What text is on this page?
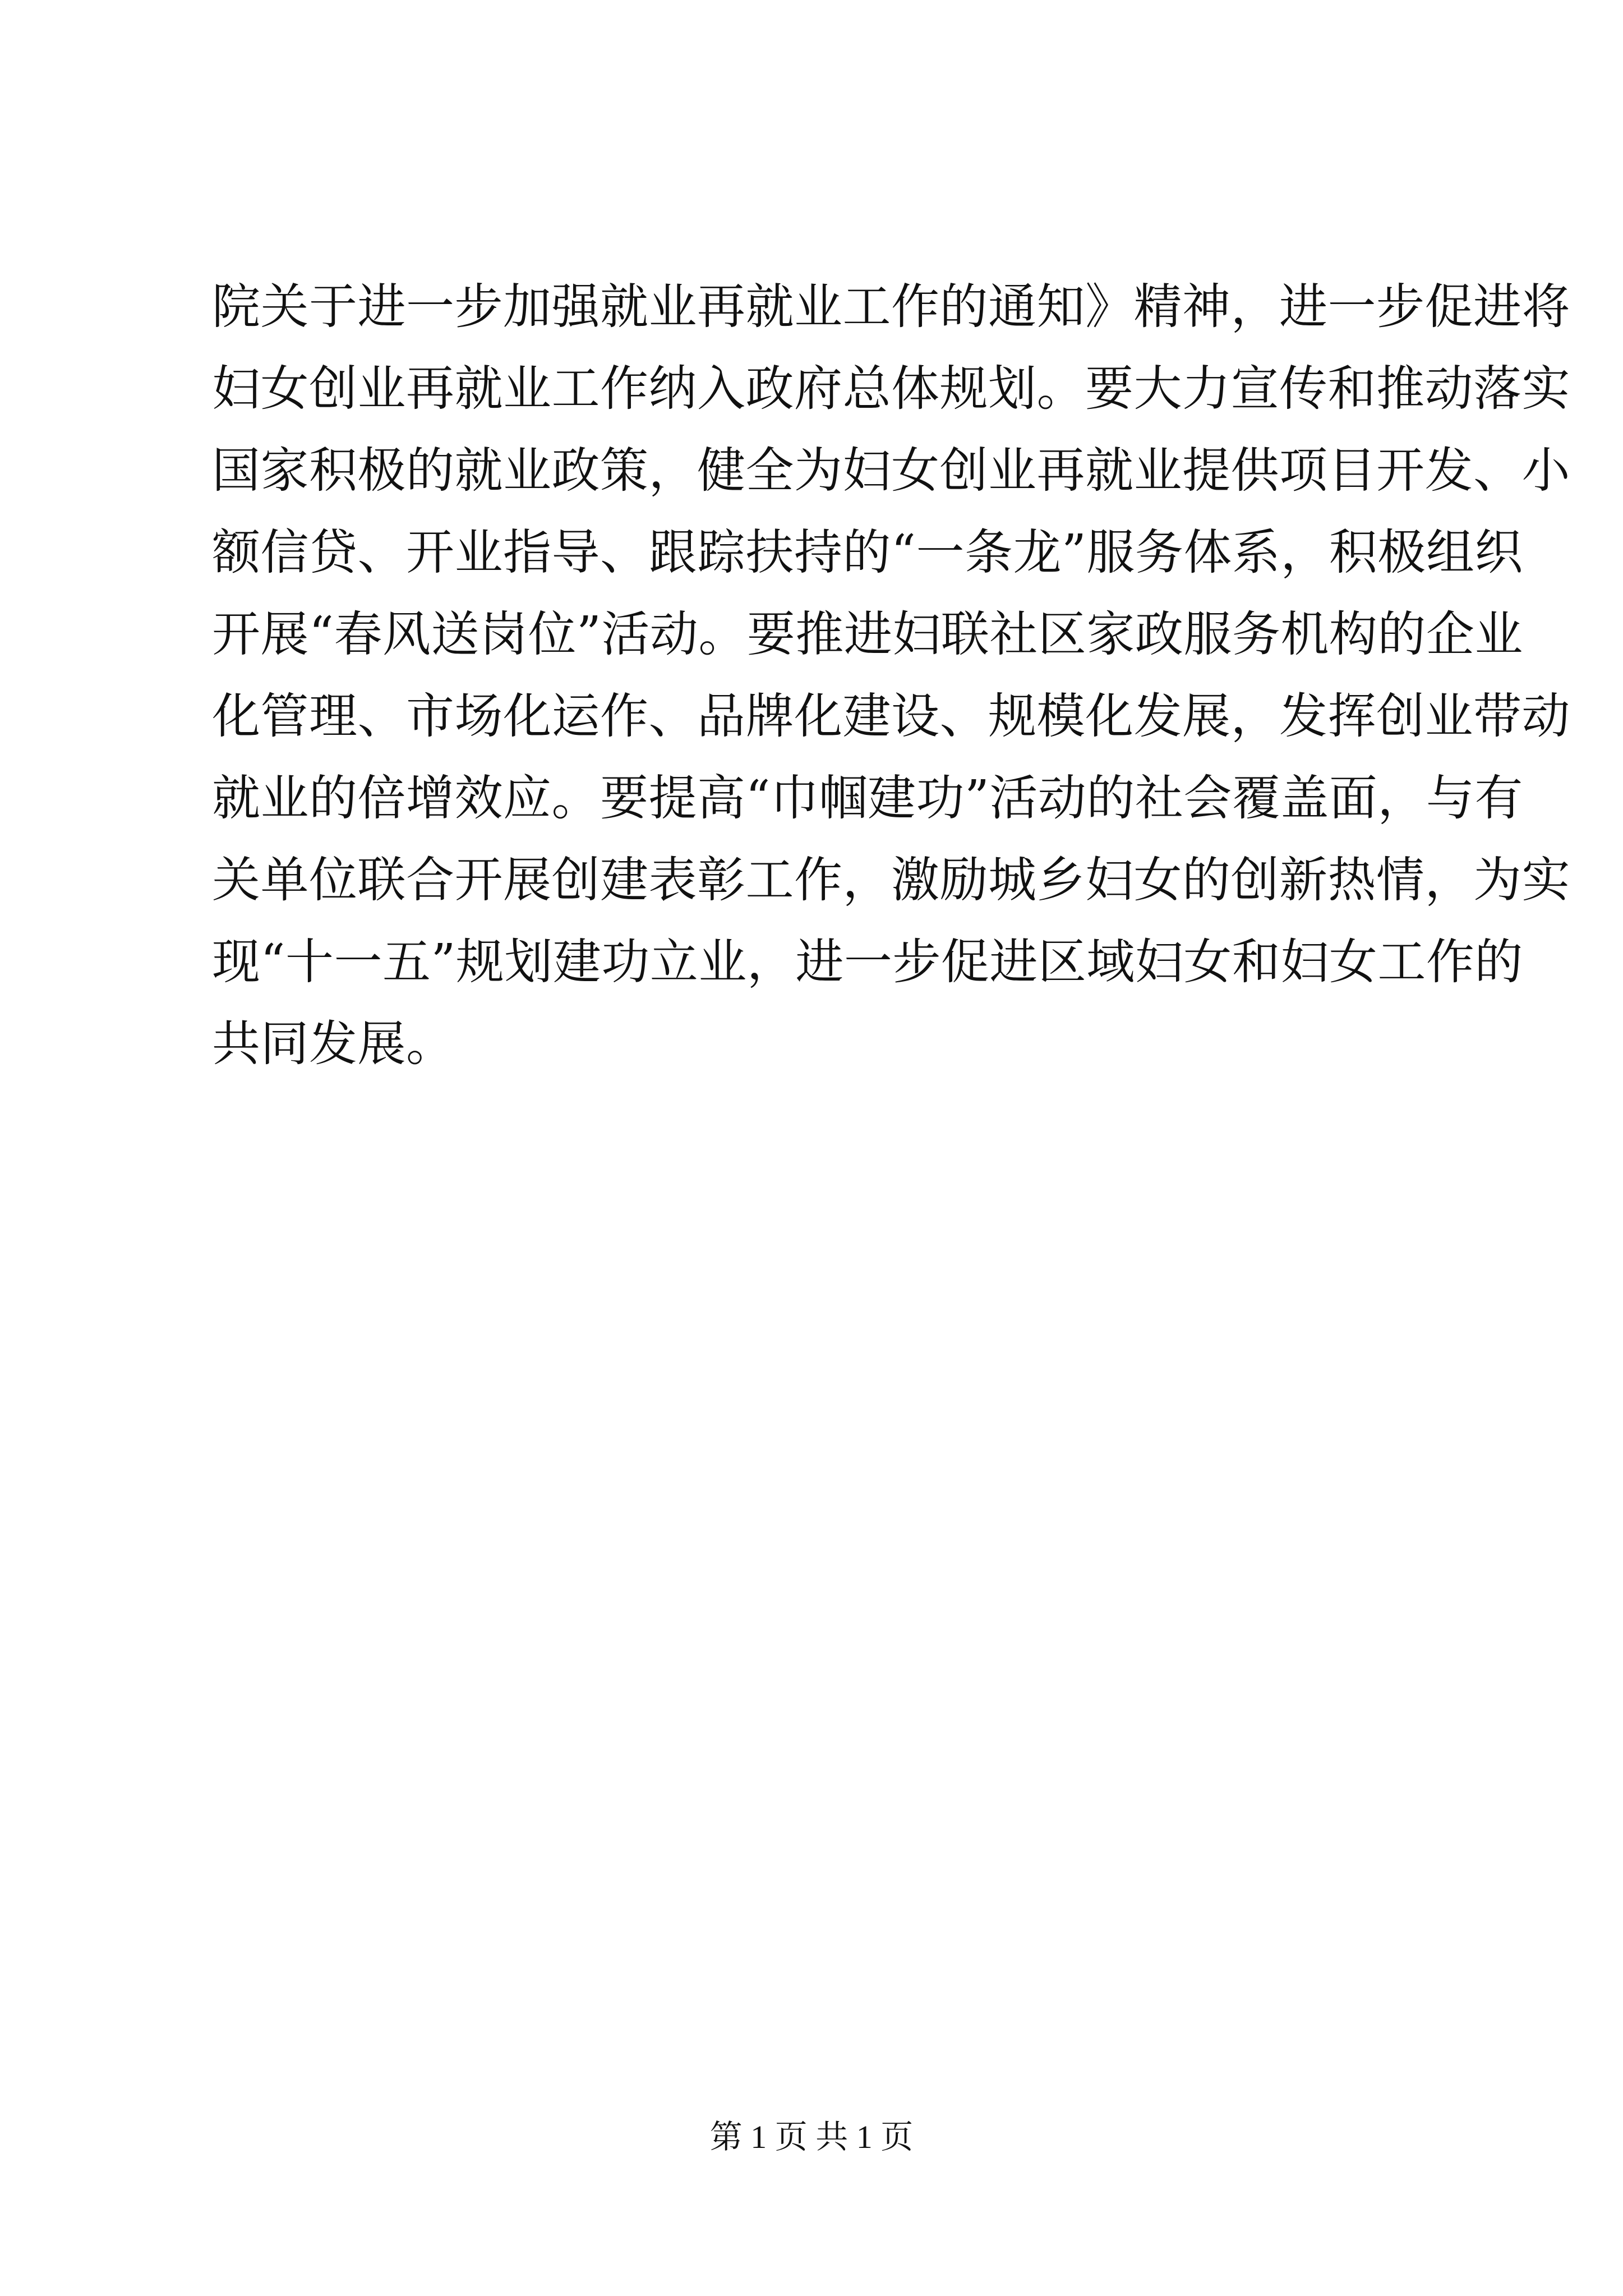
院关于进一步加强就业再就业工作的通知》精神，进一步促进将

妇女创业再就业工作纳入政府总体规划。要大力宣传和推动落实

国家积极的就业政策，健全为妇女创业再就业提供项目开发、小

额信贷、开业指导、跟踪扶持的“一条龙”服务体系，积极组织

开展“春风送岗位”活动。要推进妇联社区家政服务机构的企业

化管理、市场化运作、品牌化建设、规模化发展，发挥创业带动

就业的倍增效应。要提高“巾帼建功”活动的社会覆盖面，与有

关单位联合开展创建表彰工作，激励城乡妇女的创新热情，为实

现“十一五”规划建功立业，进一步促进区域妇女和妇女工作的

共同发展。

第 1 页 共 1 页
